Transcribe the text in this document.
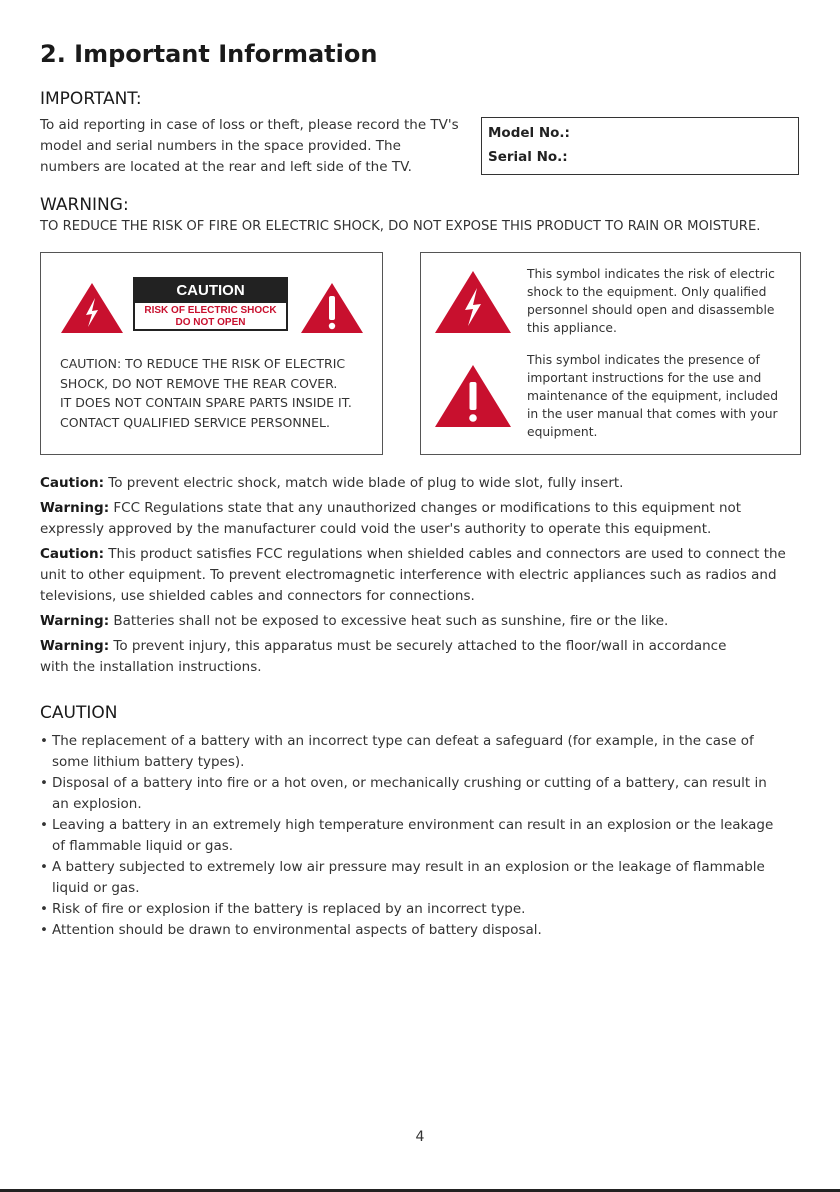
2. Important Information
IMPORTANT:
To aid reporting in case of loss or theft, please record the TV's
model and serial numbers in the space provided. The
numbers are located at the rear and left side of the TV.
Model No.:
Serial No.:
WARNING:
TO REDUCE THE RISK OF FIRE OR ELECTRIC SHOCK, DO NOT EXPOSE THIS PRODUCT TO RAIN OR MOISTURE.
CAUTION
RISK OF ELECTRIC SHOCK
DO NOT OPEN
CAUTION: TO REDUCE THE RISK OF ELECTRIC
SHOCK, DO NOT REMOVE THE REAR COVER.
IT DOES NOT CONTAIN SPARE PARTS INSIDE IT.
CONTACT QUALIFIED SERVICE PERSONNEL.
This symbol indicates the risk of electric
shock to the equipment. Only qualified
personnel should open and disassemble
this appliance.
This symbol indicates the presence of
important instructions for the use and
maintenance of the equipment, included
in the user manual that comes with your
equipment.

Caution: To prevent electric shock, match wide blade of plug to wide slot, fully insert.

Warning: FCC Regulations state that any unauthorized changes or modifications to this equipment not
expressly approved by the manufacturer could void the user's authority to operate this equipment.

Caution: This product satisfies FCC regulations when shielded cables and connectors are used to connect the
unit to other equipment. To prevent electromagnetic interference with electric appliances such as radios and
televisions, use shielded cables and connectors for connections.

Warning: Batteries shall not be exposed to excessive heat such as sunshine, fire or the like.

Warning: To prevent injury, this apparatus must be securely attached to the floor/wall in accordance
with the installation instructions.

CAUTION
• The replacement of a battery with an incorrect type can defeat a safeguard (for example, in the case of
some lithium battery types).
• Disposal of a battery into fire or a hot oven, or mechanically crushing or cutting of a battery, can result in
an explosion.
• Leaving a battery in an extremely high temperature environment can result in an explosion or the leakage
of flammable liquid or gas.
• A battery subjected to extremely low air pressure may result in an explosion or the leakage of flammable
liquid or gas.
• Risk of fire or explosion if the battery is replaced by an incorrect type.
• Attention should be drawn to environmental aspects of battery disposal.
4
